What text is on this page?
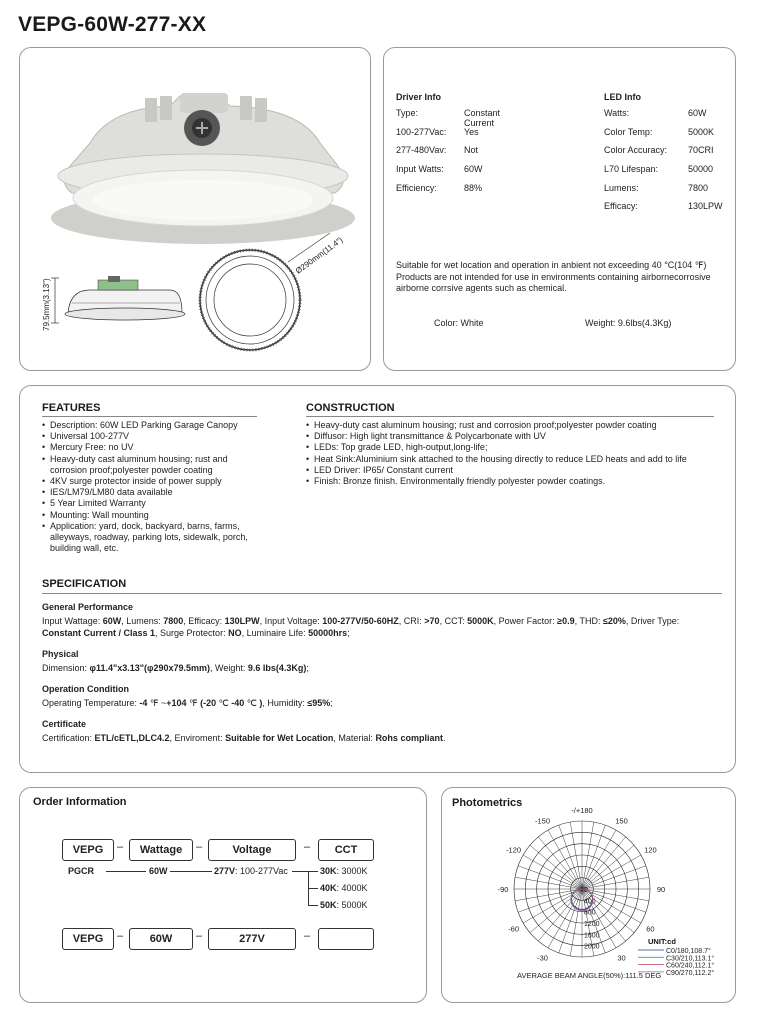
VEPG-60W-277-XX
79.5mm(3.13")
Ø290mm(11.4")
Driver Info
Type:	Constant Current
100-277Vac: Yes
277-480Vav: Not
Input Watts: 60W
Efficiency:	88%
LED Info
Watts:	60W
Color Temp:	5000K
Color Accuracy: 70CRI
L70 Lifespan:	50000
Lumens:	7800
Efficacy:	130LPW
Suitable for wet location and operation in anbient not exceeding 40 °C(104 ℉) Products are not intended for use in environments containing airbornecorrosive airborne corrsive agents such as chemical.
Color: White	Weight: 9.6lbs(4.3Kg)
FEATURES
• Description: 60W LED Parking Garage Canopy
• Universal 100-277V
• Mercury Free: no UV
• Heavy-duty cast aluminum housing; rust and corrosion proof;polyester powder coating
• 4KV surge protector inside of power supply
• IES/LM79/LM80 data available
• 5 Year Limited Warranty
• Mounting: Wall mounting
• Application: yard, dock, backyard, barns, farms, alleyways, roadway, parking lots, sidewalk, porch, building wall, etc.
CONSTRUCTION
• Heavy-duty cast aluminum housing; rust and corrosion proof;polyester powder coating
• Diffusor: High light transmittance & Polycarbonate with UV
• LEDs: Top grade LED, high-output,long-life;
• Heat Sink:Aluminium sink attached to the housing directly to reduce LED heats and add to life
• LED Driver: IP65/ Constant current
• Finish: Bronze finish. Environmentally friendly polyester powder coatings.
SPECIFICATION
General Performance
Input Wattage: 60W, Lumens: 7800, Efficacy: 130LPW, Input Voltage: 100-277V/50-60HZ, CRI: >70, CCT: 5000K, Power Factor: ≥0.9, THD: ≤20%, Driver Type:
Constant Current / Class 1, Surge Protector: NO, Luminaire Life: 50000hrs;
Physical
Dimension: φ11.4"x3.13"(φ290x79.5mm), Weight: 9.6 lbs(4.3Kg);
Operation Condition
Operating Temperature: -4 ℉ ~+104 ℉ (-20 ℃ -40 ℃ ), Humidity: ≤95%;
Certificate
Certification: ETL/cETL,DLC4.2, Enviroment: Suitable for Wet Location, Material: Rohs compliant.
Order Information
VEPG	–	Wattage	–	Voltage	–	CCT
PGCR	60W	277V: 100-277Vac	30K: 3000K
40K: 4000K
50K: 5000K
VEPG	–	60W	–	277V	–
Photometrics
-/+180
-150	150
-120	120
-90	90
-60	60
-30	30
0
400
800
1200
1600
2000
UNIT:cd
C0/180,108.7°
C30/210,113.1°
C60/240,112.1°
C90/270,112.2°
AVERAGE BEAM ANGLE(50%):111.5 DEG
